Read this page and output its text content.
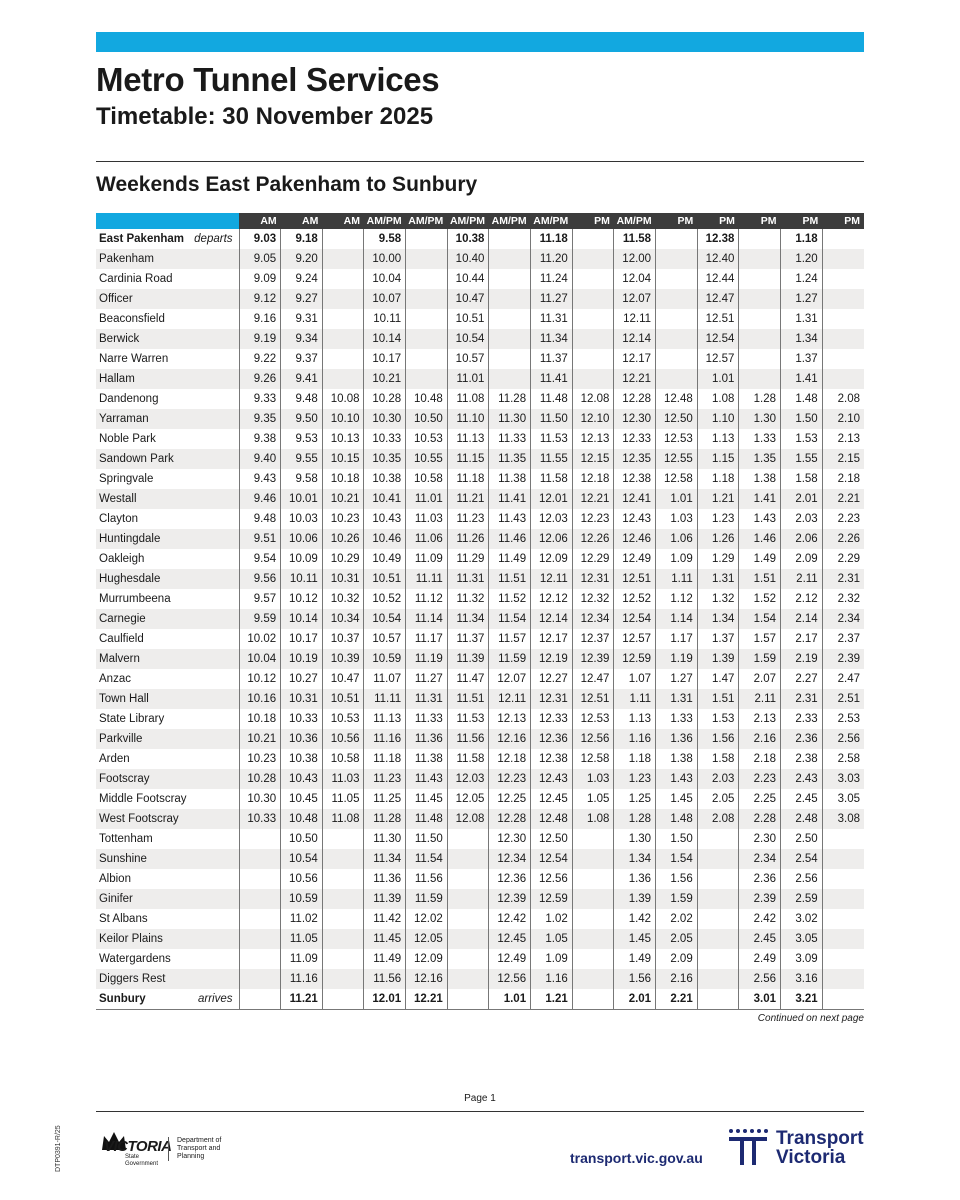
Metro Tunnel Services
Timetable: 30 November 2025
Weekends East Pakenham to Sunbury
	AM	AM	AM	AM/PM	AM/PM	AM/PM	AM/PM	AM/PM	PM	AM/PM	PM	PM	PM	PM	PM

East Pakenham departs	9.03	9.18		9.58		10.38		11.18		11.58		12.38		1.18	

Pakenham	9.05	9.20		10.00		10.40		11.20		12.00		12.40		1.20	

Cardinia Road	9.09	9.24		10.04		10.44		11.24		12.04		12.44		1.24	

Officer	9.12	9.27		10.07		10.47		11.27		12.07		12.47		1.27	

Beaconsfield	9.16	9.31		10.11		10.51		11.31		12.11		12.51		1.31	

Berwick	9.19	9.34		10.14		10.54		11.34		12.14		12.54		1.34	

Narre Warren	9.22	9.37		10.17		10.57		11.37		12.17		12.57		1.37	

Hallam	9.26	9.41		10.21		11.01		11.41		12.21		1.01		1.41	

Dandenong	9.33	9.48	10.08	10.28	10.48	11.08	11.28	11.48	12.08	12.28	12.48	1.08	1.28	1.48	2.08

Yarraman	9.35	9.50	10.10	10.30	10.50	11.10	11.30	11.50	12.10	12.30	12.50	1.10	1.30	1.50	2.10

Noble Park	9.38	9.53	10.13	10.33	10.53	11.13	11.33	11.53	12.13	12.33	12.53	1.13	1.33	1.53	2.13

Sandown Park	9.40	9.55	10.15	10.35	10.55	11.15	11.35	11.55	12.15	12.35	12.55	1.15	1.35	1.55	2.15

Springvale	9.43	9.58	10.18	10.38	10.58	11.18	11.38	11.58	12.18	12.38	12.58	1.18	1.38	1.58	2.18

Westall	9.46	10.01	10.21	10.41	11.01	11.21	11.41	12.01	12.21	12.41	1.01	1.21	1.41	2.01	2.21

Clayton	9.48	10.03	10.23	10.43	11.03	11.23	11.43	12.03	12.23	12.43	1.03	1.23	1.43	2.03	2.23

Huntingdale	9.51	10.06	10.26	10.46	11.06	11.26	11.46	12.06	12.26	12.46	1.06	1.26	1.46	2.06	2.26

Oakleigh	9.54	10.09	10.29	10.49	11.09	11.29	11.49	12.09	12.29	12.49	1.09	1.29	1.49	2.09	2.29

Hughesdale	9.56	10.11	10.31	10.51	11.11	11.31	11.51	12.11	12.31	12.51	1.11	1.31	1.51	2.11	2.31

Murrumbeena	9.57	10.12	10.32	10.52	11.12	11.32	11.52	12.12	12.32	12.52	1.12	1.32	1.52	2.12	2.32

Carnegie	9.59	10.14	10.34	10.54	11.14	11.34	11.54	12.14	12.34	12.54	1.14	1.34	1.54	2.14	2.34

Caulfield	10.02	10.17	10.37	10.57	11.17	11.37	11.57	12.17	12.37	12.57	1.17	1.37	1.57	2.17	2.37

Malvern	10.04	10.19	10.39	10.59	11.19	11.39	11.59	12.19	12.39	12.59	1.19	1.39	1.59	2.19	2.39

Anzac	10.12	10.27	10.47	11.07	11.27	11.47	12.07	12.27	12.47	1.07	1.27	1.47	2.07	2.27	2.47

Town Hall	10.16	10.31	10.51	11.11	11.31	11.51	12.11	12.31	12.51	1.11	1.31	1.51	2.11	2.31	2.51

State Library	10.18	10.33	10.53	11.13	11.33	11.53	12.13	12.33	12.53	1.13	1.33	1.53	2.13	2.33	2.53

Parkville	10.21	10.36	10.56	11.16	11.36	11.56	12.16	12.36	12.56	1.16	1.36	1.56	2.16	2.36	2.56

Arden	10.23	10.38	10.58	11.18	11.38	11.58	12.18	12.38	12.58	1.18	1.38	1.58	2.18	2.38	2.58

Footscray	10.28	10.43	11.03	11.23	11.43	12.03	12.23	12.43	1.03	1.23	1.43	2.03	2.23	2.43	3.03

Middle Footscray	10.30	10.45	11.05	11.25	11.45	12.05	12.25	12.45	1.05	1.25	1.45	2.05	2.25	2.45	3.05

West Footscray	10.33	10.48	11.08	11.28	11.48	12.08	12.28	12.48	1.08	1.28	1.48	2.08	2.28	2.48	3.08

Tottenham		10.50		11.30	11.50		12.30	12.50		1.30	1.50		2.30	2.50	

Sunshine		10.54		11.34	11.54		12.34	12.54		1.34	1.54		2.34	2.54	

Albion		10.56		11.36	11.56		12.36	12.56		1.36	1.56		2.36	2.56	

Ginifer		10.59		11.39	11.59		12.39	12.59		1.39	1.59		2.39	2.59	

St Albans		11.02		11.42	12.02		12.42	1.02		1.42	2.02		2.42	3.02	

Keilor Plains		11.05		11.45	12.05		12.45	1.05		1.45	2.05		2.45	3.05	

Watergardens		11.09		11.49	12.09		12.49	1.09		1.49	2.09		2.49	3.09	

Diggers Rest		11.16		11.56	12.16		12.56	1.16		1.56	2.16		2.56	3.16	

Sunbury arrives		11.21		12.01	12.21		1.01	1.21		2.01	2.21		3.01	3.21	
Continued on next page
Page 1
DTP0391-R/25	VICTORIA
State Government
Department of Transport and Planning	transport.vic.gov.au
Transport
Victoria
